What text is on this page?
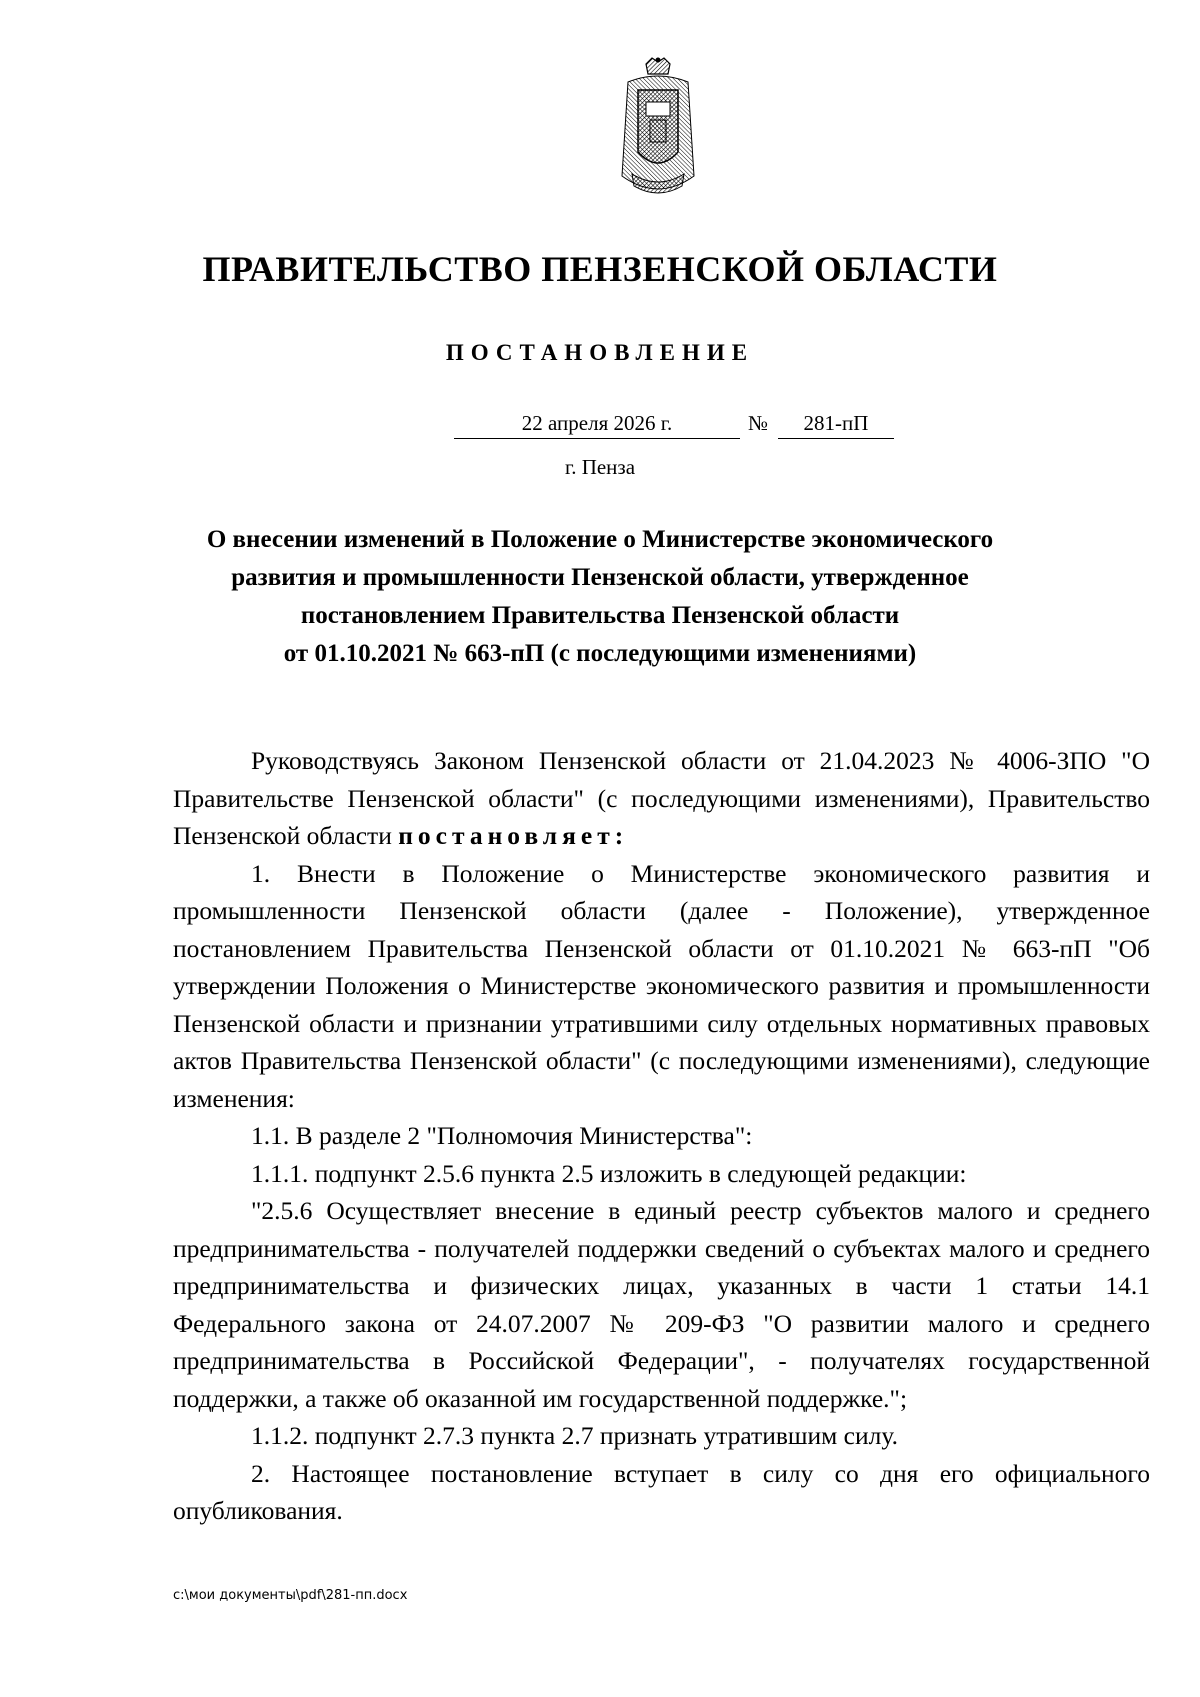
ПРАВИТЕЛЬСТВО ПЕНЗЕНСКОЙ ОБЛАСТИ
ПОСТАНОВЛЕНИЕ
22 апреля 2026 г.	№	281-пП
г. Пенза
О внесении изменений в Положение о Министерстве экономического
развития и промышленности Пензенской области, утвержденное
постановлением Правительства Пензенской области
от 01.10.2021 № 663-пП (с последующими изменениями)

Руководствуясь Законом Пензенской области от 21.04.2023 № 4006-ЗПО "О Правительстве Пензенской области" (с последующими изменениями), Правительство Пензенской области постановляет:

1. Внести в Положение о Министерстве экономического развития и промышленности Пензенской области (далее - Положение), утвержденное постановлением Правительства Пензенской области от 01.10.2021 № 663-пП "Об утверждении Положения о Министерстве экономического развития и промышленности Пензенской области и признании утратившими силу отдельных нормативных правовых актов Правительства Пензенской области" (с последующими изменениями), следующие изменения:

1.1. В разделе 2 "Полномочия Министерства":

1.1.1. подпункт 2.5.6 пункта 2.5 изложить в следующей редакции:

"2.5.6 Осуществляет внесение в единый реестр субъектов малого и среднего предпринимательства - получателей поддержки сведений о субъектах малого и среднего предпринимательства и физических лицах, указанных в части 1 статьи 14.1 Федерального закона от 24.07.2007 № 209-ФЗ "О развитии малого и среднего предпринимательства в Российской Федерации", - получателях государственной поддержки, а также об оказанной им государственной поддержке.";

1.1.2. подпункт 2.7.3 пункта 2.7 признать утратившим силу.

2. Настоящее постановление вступает в силу со дня его официального опубликования.

c:\мои документы\pdf\281-пп.docx
